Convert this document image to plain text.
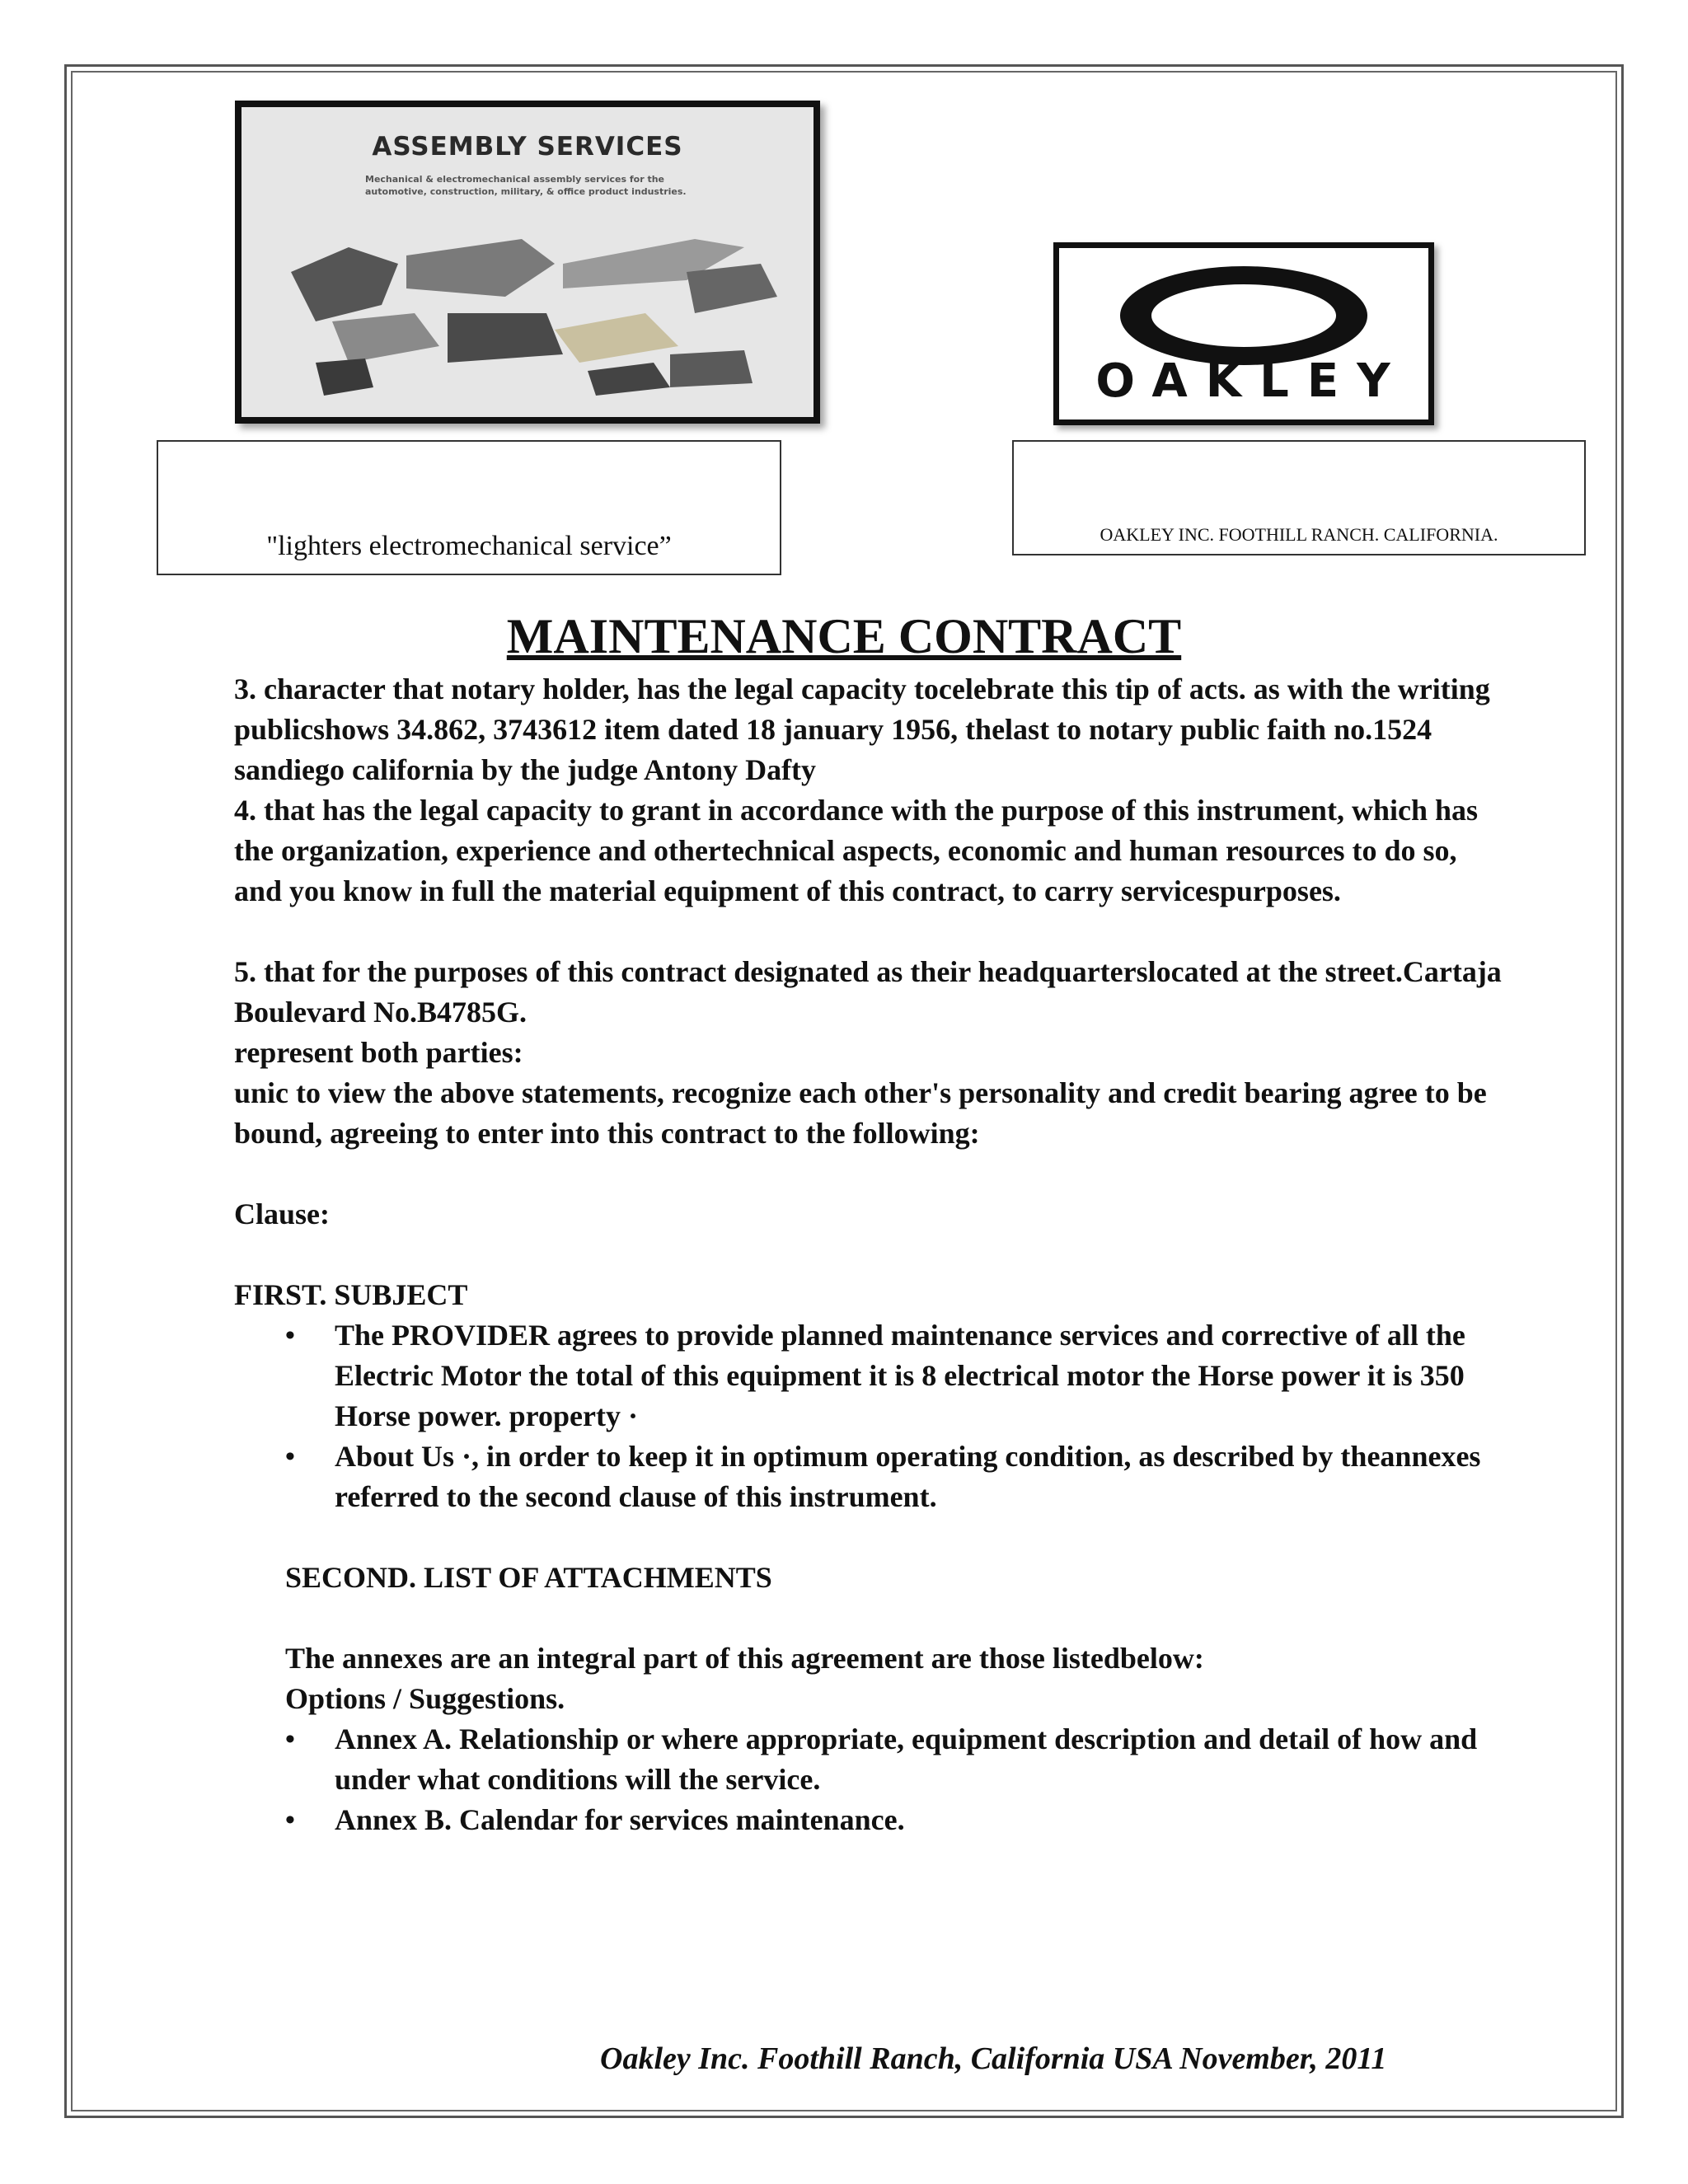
ASSEMBLY SERVICES
Mechanical & electromechanical assembly services for the automotive, construction, military, & office product industries.
OAKLEY
"lighters electromechanical service”	OAKLEY INC. FOOTHILL RANCH. CALIFORNIA.
MAINTENANCE CONTRACT

3. character that notary holder, has the legal capacity tocelebrate this tip of acts. as with the writing publicshows 34.862, 3743612 item dated 18 january 1956, thelast to notary public faith no.1524 sandiego california by the judge Antony Dafty

4. that has the legal capacity to grant in accordance with the purpose of this instrument, which has the organization, experience and othertechnical aspects, economic and human resources to do so, and you know in full the material equipment of this contract, to carry servicespurposes.

5. that for the purposes of this contract designated as their headquarterslocated at the street.Cartaja Boulevard No.B4785G.

represent both parties:

unic to view the above statements, recognize each other's personality and credit bearing agree to be bound, agreeing to enter into this contract to the following:

Clause:

FIRST. SUBJECT

• The PROVIDER agrees to provide planned maintenance services and corrective of all the Electric Motor the total of this equipment it is 8 electrical motor the Horse power it is 350 Horse power. property ·
• About Us ·, in order to keep it in optimum operating condition, as described by theannexes referred to the second clause of this instrument.

SECOND. LIST OF ATTACHMENTS

The annexes are an integral part of this agreement are those listedbelow:

Options / Suggestions.

• Annex A. Relationship or where appropriate, equipment description and detail of how and under what conditions will the service.
• Annex B. Calendar for services maintenance.
Oakley Inc. Foothill Ranch, California USA November, 2011
